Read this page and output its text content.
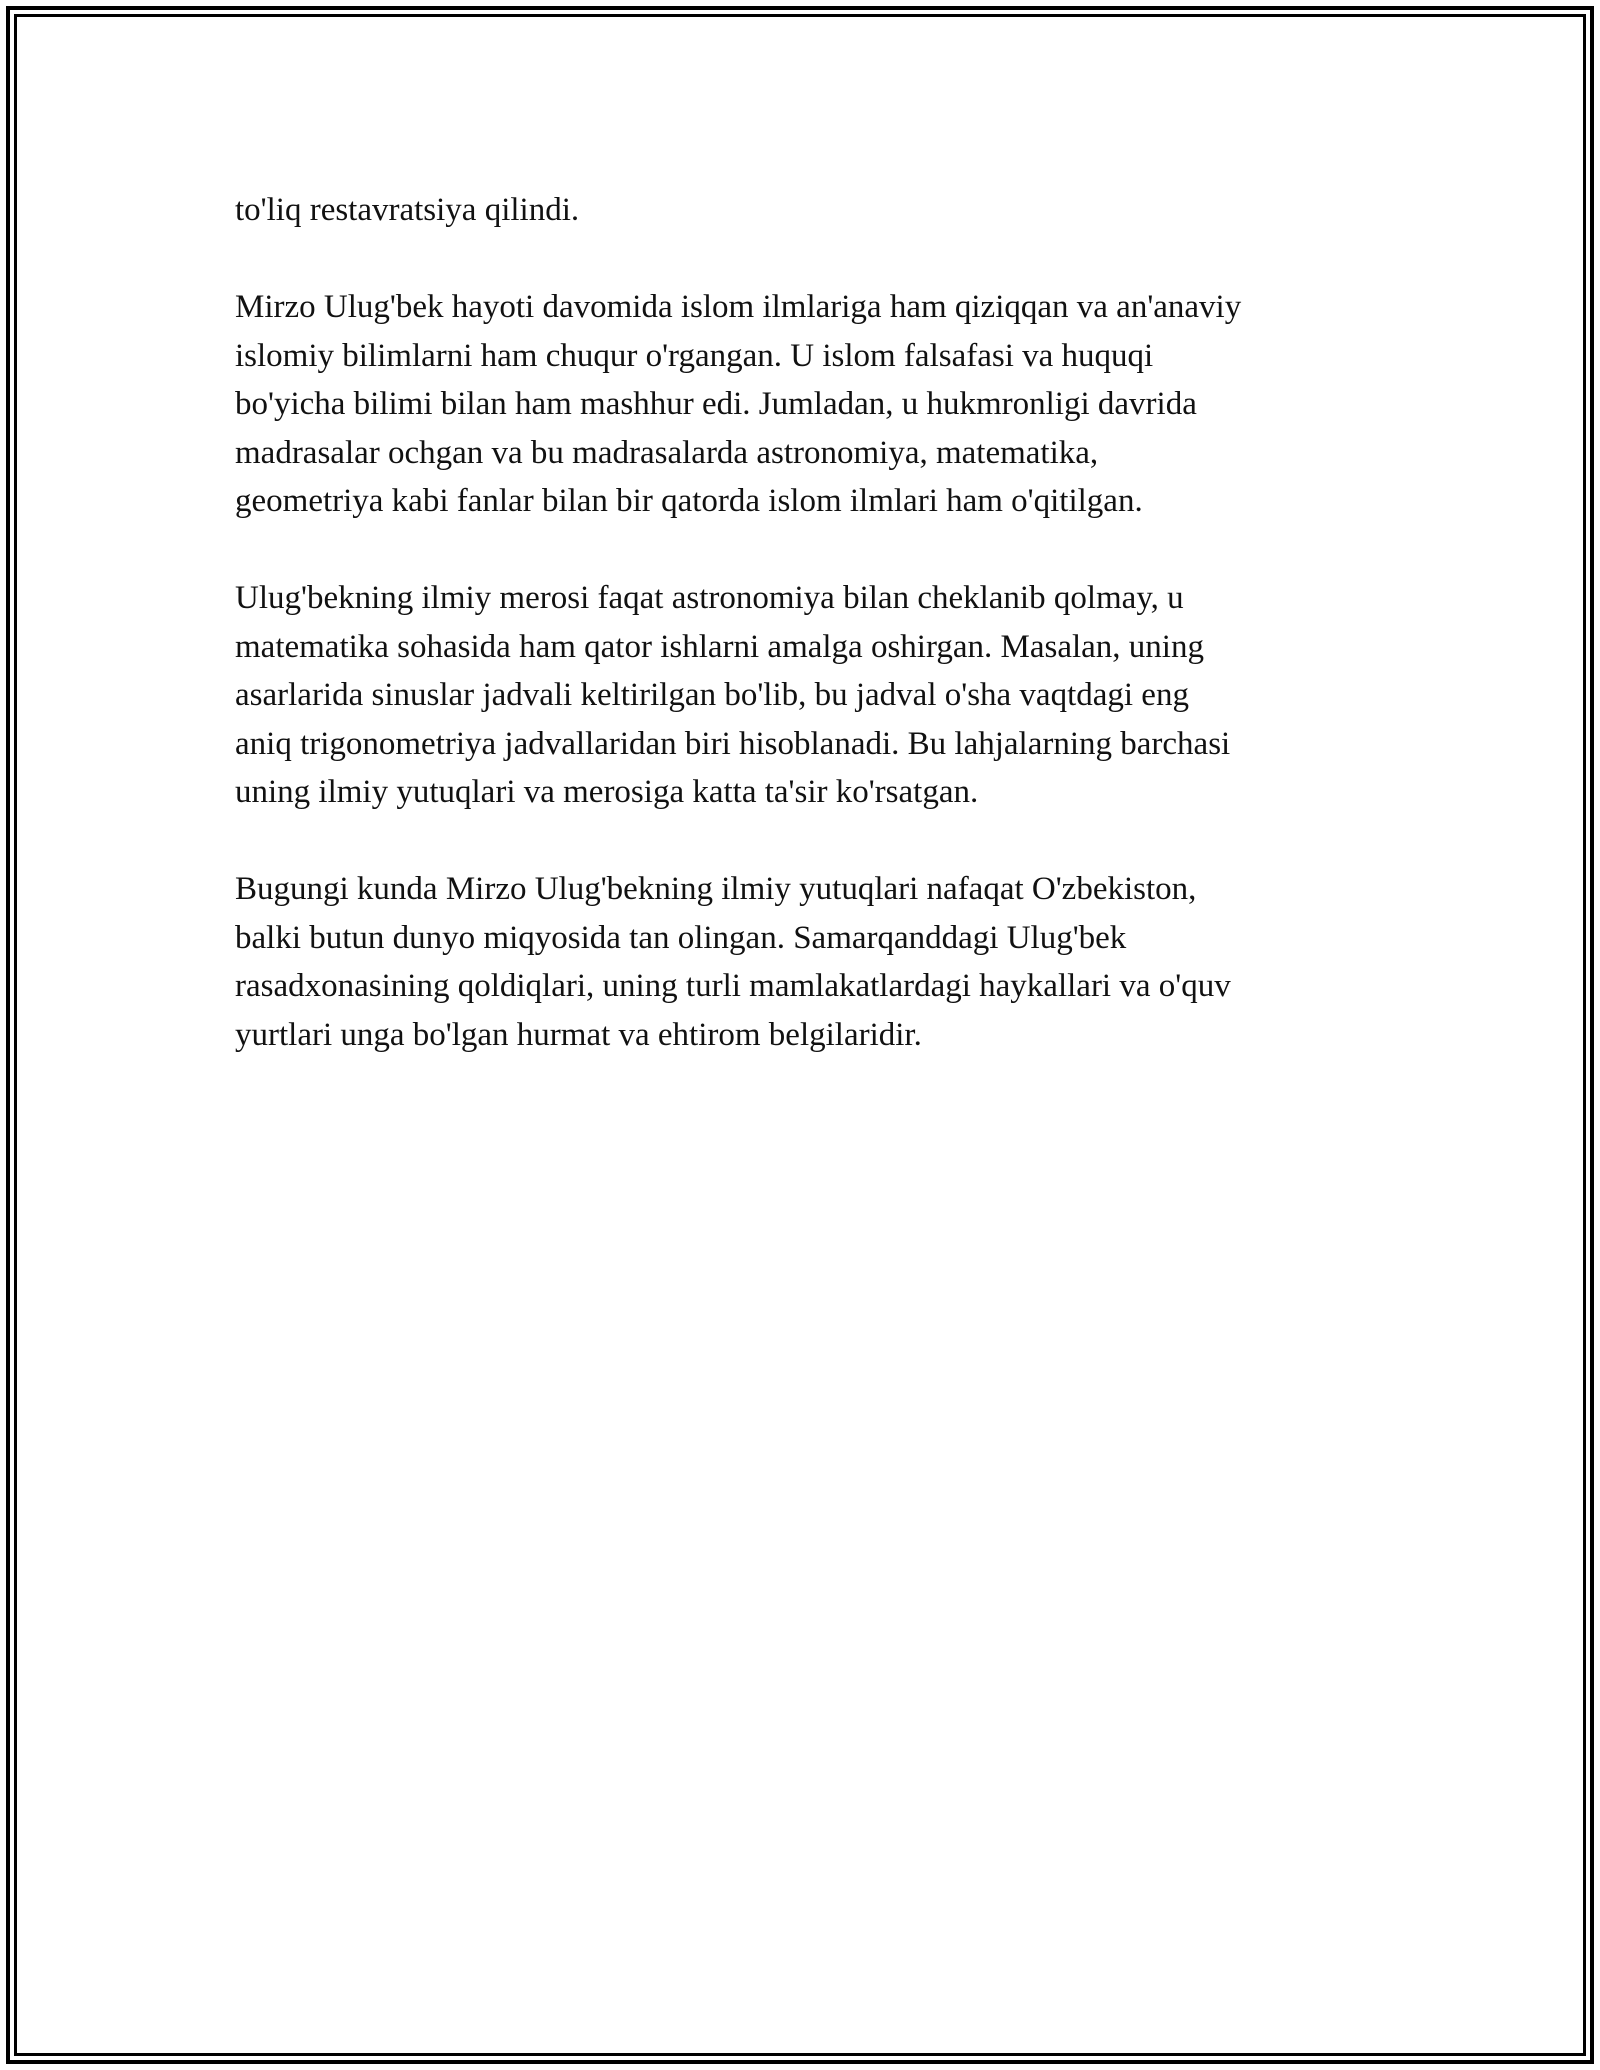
to'liq restavratsiya qilindi.

Mirzo Ulug'bek hayoti davomida islom ilmlariga ham qiziqqan va an'anaviy
islomiy bilimlarni ham chuqur o'rgangan. U islom falsafasi va huquqi
bo'yicha bilimi bilan ham mashhur edi. Jumladan, u hukmronligi davrida
madrasalar ochgan va bu madrasalarda astronomiya, matematika,
geometriya kabi fanlar bilan bir qatorda islom ilmlari ham o'qitilgan.

Ulug'bekning ilmiy merosi faqat astronomiya bilan cheklanib qolmay, u
matematika sohasida ham qator ishlarni amalga oshirgan. Masalan, uning
asarlarida sinuslar jadvali keltirilgan bo'lib, bu jadval o'sha vaqtdagi eng
aniq trigonometriya jadvallaridan biri hisoblanadi. Bu lahjalarning barchasi
uning ilmiy yutuqlari va merosiga katta ta'sir ko'rsatgan.

Bugungi kunda Mirzo Ulug'bekning ilmiy yutuqlari nafaqat O'zbekiston,
balki butun dunyo miqyosida tan olingan. Samarqanddagi Ulug'bek
rasadxonasining qoldiqlari, uning turli mamlakatlardagi haykallari va o'quv
yurtlari unga bo'lgan hurmat va ehtirom belgilaridir.
